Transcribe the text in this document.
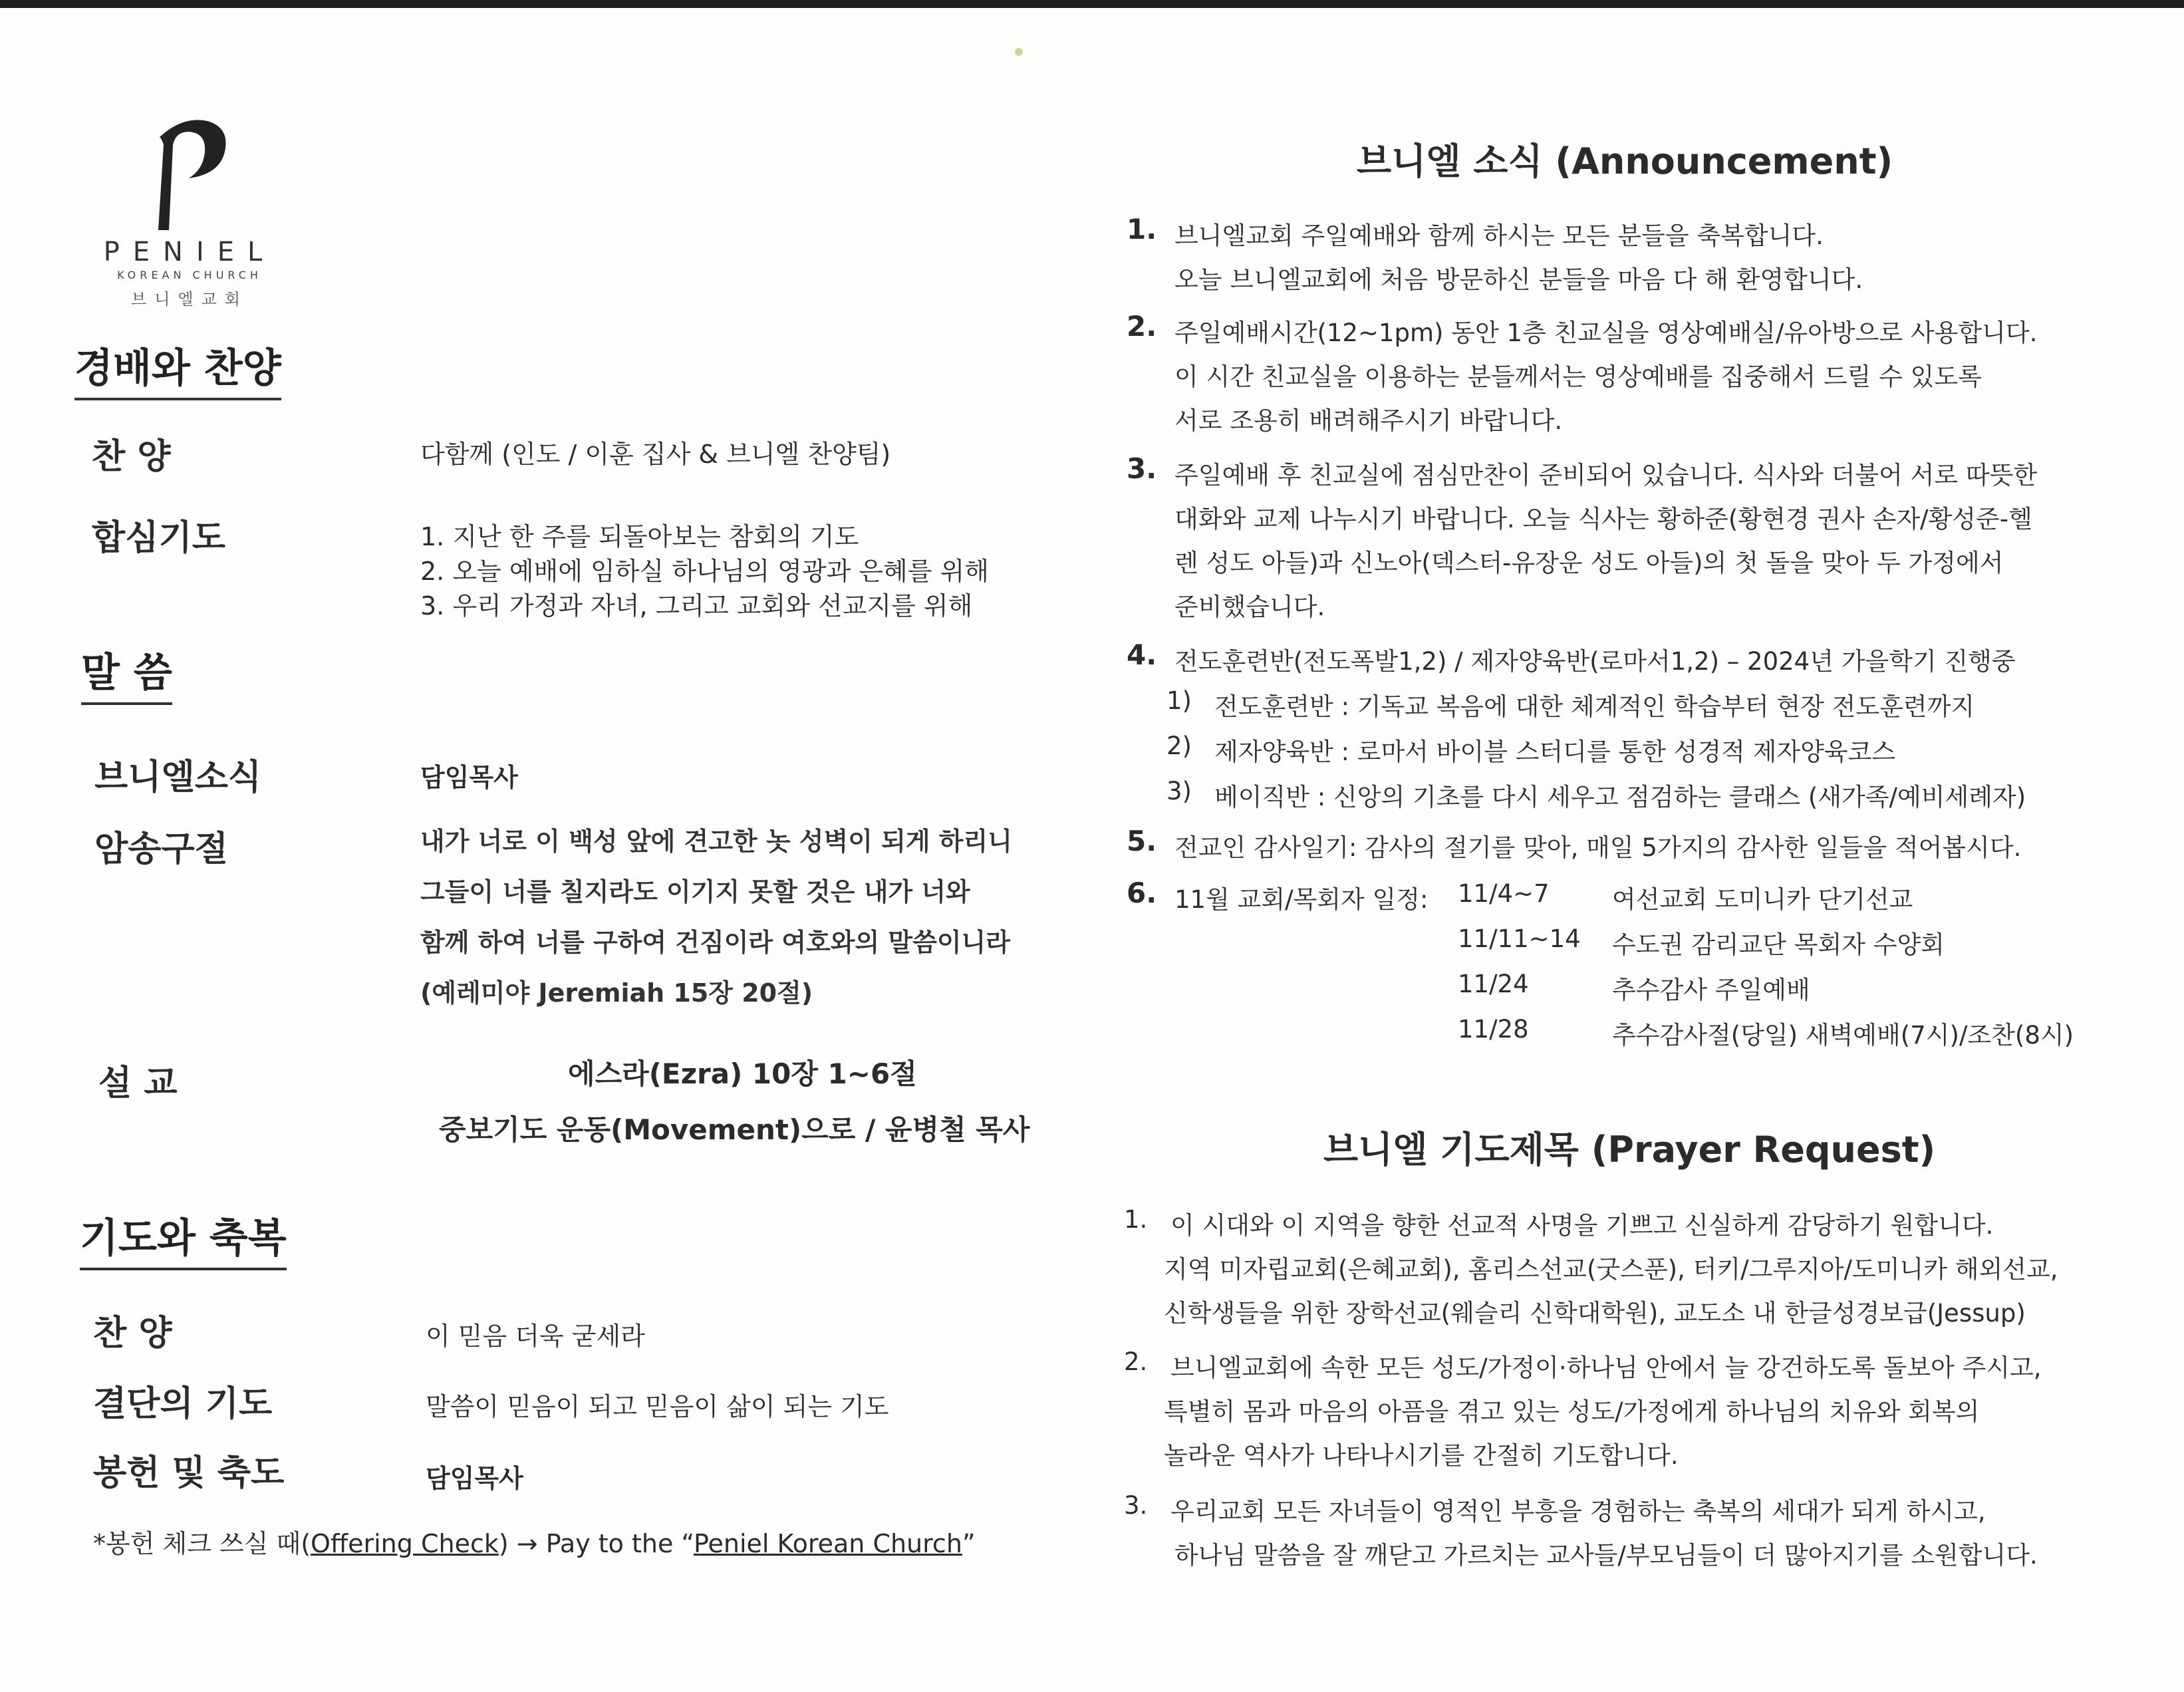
PENIEL
KOREAN CHURCH
브니엘교회
경배와 찬양
찬 양	다함께 (인도 / 이훈 집사 & 브니엘 찬양팀)
합심기도	1. 지난 한 주를 되돌아보는 참회의 기도
2. 오늘 예배에 임하실 하나님의 영광과 은혜를 위해
3. 우리 가정과 자녀, 그리고 교회와 선교지를 위해
말 씀
브니엘소식	담임목사
암송구절	내가 너로 이 백성 앞에 견고한 놋 성벽이 되게 하리니
그들이 너를 칠지라도 이기지 못할 것은 내가 너와
함께 하여 너를 구하여 건짐이라 여호와의 말씀이니라
(예레미야 Jeremiah 15장 20절)
설 교	에스라(Ezra) 10장 1~6절
중보기도 운동(Movement)으로 / 윤병철 목사
기도와 축복
찬 양	이 믿음 더욱 굳세라
결단의 기도	말씀이 믿음이 되고 믿음이 삶이 되는 기도
봉헌 및 축도	담임목사
*봉헌 체크 쓰실 때(Offering Check) → Pay to the “Peniel Korean Church”
브니엘 소식 (Announcement)
1. 브니엘교회 주일예배와 함께 하시는 모든 분들을 축복합니다.
오늘 브니엘교회에 처음 방문하신 분들을 마음 다 해 환영합니다.
2. 주일예배시간(12~1pm) 동안 1층 친교실을 영상예배실/유아방으로 사용합니다.
이 시간 친교실을 이용하는 분들께서는 영상예배를 집중해서 드릴 수 있도록
서로 조용히 배려해주시기 바랍니다.
3. 주일예배 후 친교실에 점심만찬이 준비되어 있습니다. 식사와 더불어 서로 따뜻한
대화와 교제 나누시기 바랍니다. 오늘 식사는 황하준(황현경 권사 손자/황성준-헬
렌 성도 아들)과 신노아(덱스터-유장운 성도 아들)의 첫 돌을 맞아 두 가정에서
준비했습니다.
4. 전도훈련반(전도폭발1,2) / 제자양육반(로마서1,2) – 2024년 가을학기 진행중
1) 전도훈련반 : 기독교 복음에 대한 체계적인 학습부터 현장 전도훈련까지
2) 제자양육반 : 로마서 바이블 스터디를 통한 성경적 제자양육코스
3) 베이직반 : 신앙의 기초를 다시 세우고 점검하는 클래스 (새가족/예비세례자)
5. 전교인 감사일기: 감사의 절기를 맞아, 매일 5가지의 감사한 일들을 적어봅시다.
6. 11월 교회/목회자 일정: 11/4~7	여선교회 도미니카 단기선교
11/11~14 수도권 감리교단 목회자 수양회
11/24	추수감사 주일예배
11/28	추수감사절(당일) 새벽예배(7시)/조찬(8시)
브니엘 기도제목 (Prayer Request)
1. 이 시대와 이 지역을 향한 선교적 사명을 기쁘고 신실하게 감당하기 원합니다.
지역 미자립교회(은혜교회), 홈리스선교(굿스푼), 터키/그루지아/도미니카 해외선교,
신학생들을 위한 장학선교(웨슬리 신학대학원), 교도소 내 한글성경보급(Jessup)
2. 브니엘교회에 속한 모든 성도/가정이·하나님 안에서 늘 강건하도록 돌보아 주시고,
특별히 몸과 마음의 아픔을 겪고 있는 성도/가정에게 하나님의 치유와 회복의
놀라운 역사가 나타나시기를 간절히 기도합니다.
3. 우리교회 모든 자녀들이 영적인 부흥을 경험하는 축복의 세대가 되게 하시고,
하나님 말씀을 잘 깨닫고 가르치는 교사들/부모님들이 더 많아지기를 소원합니다.
